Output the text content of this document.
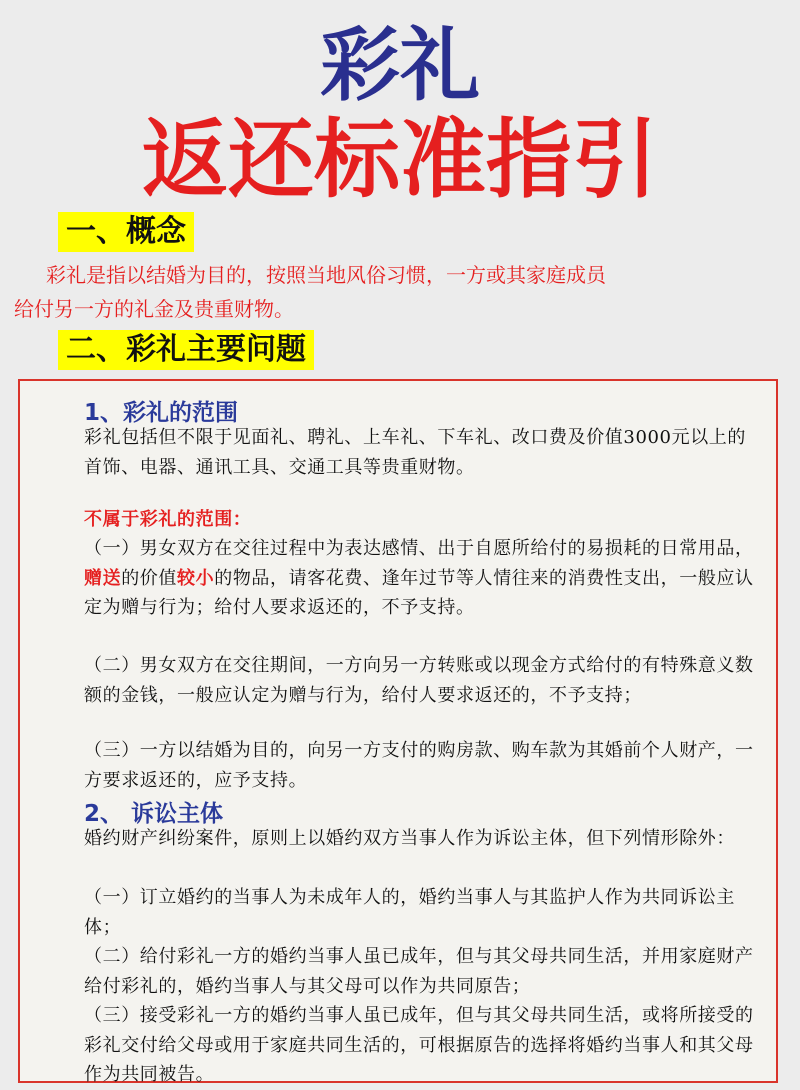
彩礼
返还标准指引
一、概念

彩礼是指以结婚为目的，按照当地风俗习惯，一方或其家庭成员

给付另一方的礼金及贵重财物。

二、彩礼主要问题
1、彩礼的范围
彩礼包括但不限于见面礼、聘礼、上车礼、下车礼、改口费及价值3000元以上的首饰、电器、通讯工具、交通工具等贵重财物。
不属于彩礼的范围：
（一）男女双方在交往过程中为表达感情、出于自愿所给付的易损耗的日常用品，赠送的价值较小的物品，请客花费、逢年过节等人情往来的消费性支出，一般应认定为赠与行为；给付人要求返还的，不予支持。
（二）男女双方在交往期间，一方向另一方转账或以现金方式给付的有特殊意义数额的金钱，一般应认定为赠与行为，给付人要求返还的，不予支持；
（三）一方以结婚为目的，向另一方支付的购房款、购车款为其婚前个人财产，一方要求返还的，应予支持。
2、 诉讼主体
婚约财产纠纷案件，原则上以婚约双方当事人作为诉讼主体，但下列情形除外：
（一）订立婚约的当事人为未成年人的，婚约当事人与其监护人作为共同诉讼主体；
（二）给付彩礼一方的婚约当事人虽已成年，但与其父母共同生活，并用家庭财产给付彩礼的，婚约当事人与其父母可以作为共同原告；
（三）接受彩礼一方的婚约当事人虽已成年，但与其父母共同生活，或将所接受的彩礼交付给父母或用于家庭共同生活的，可根据原告的选择将婚约当事人和其父母作为共同被告。
